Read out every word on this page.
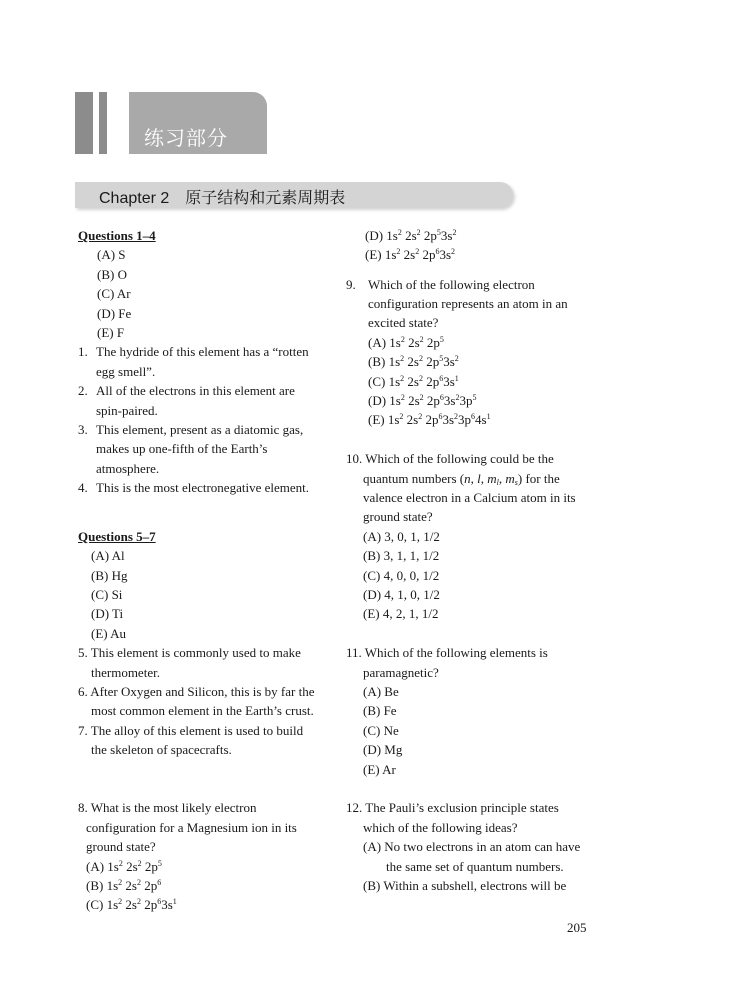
练习部分
Chapter 2　原子结构和元素周期表
Questions 1–4
(A) S
(B) O
(C) Ar
(D) Fe
(E) F
1. The hydride of this element has a “rotten
egg smell”.
2. All of the electrons in this element are
spin-paired.
3. This element, present as a diatomic gas,
makes up one-fifth of the Earth’s
atmosphere.
4. This is the most electronegative element.
Questions 5–7
(A) Al
(B) Hg
(C) Si
(D) Ti
(E) Au
5. This element is commonly used to make
thermometer.
6. After Oxygen and Silicon, this is by far the
most common element in the Earth’s crust.
7. The alloy of this element is used to build
the skeleton of spacecrafts.
8. What is the most likely electron
configuration for a Magnesium ion in its
ground state?
(A) $1s^2$ $2s^2$ $2p^5$
(B) $1s^2$ $2s^2$ $2p^6$
(C) $1s^2$ $2s^2$ $2p^63s^1$
(D) $1s^2$ $2s^2$ $2p^53s^2$
(E) $1s^2$ $2s^2$ $2p^63s^2$
9. Which of the following electron
configuration represents an atom in an
excited state?
(A) $1s^2$ $2s^2$ $2p^5$
(B) $1s^2$ $2s^2$ $2p^53s^2$
(C) $1s^2$ $2s^2$ $2p^63s^1$
(D) $1s^2$ $2s^2$ $2p^63s^23p^5$
(E) $1s^2$ $2s^2$ $2p^63s^23p^64s^1$
10. Which of the following could be the
quantum numbers (n, l, $m_l$, $m_s$) for the
valence electron in a Calcium atom in its
ground state?
(A) 3, 0, 1, 1/2
(B) 3, 1, 1, 1/2
(C) 4, 0, 0, 1/2
(D) 4, 1, 0, 1/2
(E) 4, 2, 1, 1/2
11. Which of the following elements is
paramagnetic?
(A) Be
(B) Fe
(C) Ne
(D) Mg
(E) Ar
12. The Pauli’s exclusion principle states
which of the following ideas?
(A) No two electrons in an atom can have
the same set of quantum numbers.
(B) Within a subshell, electrons will be
205
